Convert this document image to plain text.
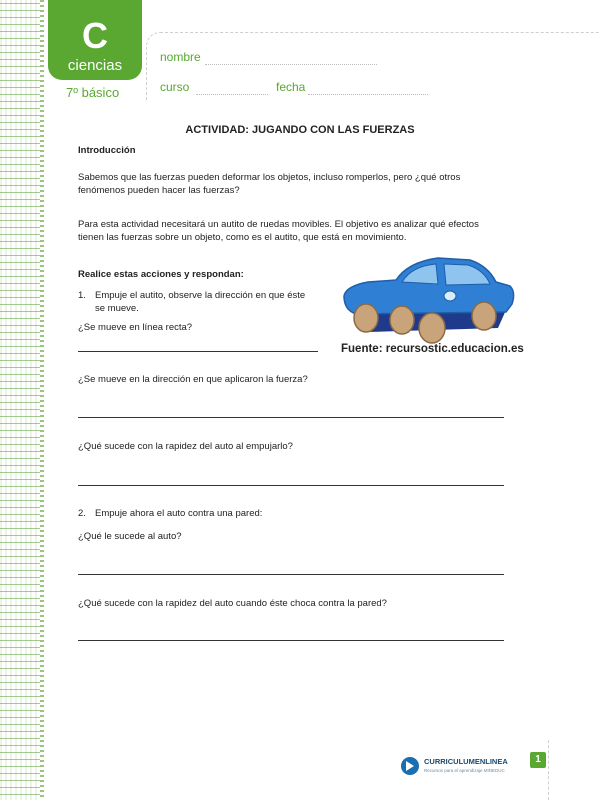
C
ciencias
7º básico
nombre
curso	fecha
ACTIVIDAD: JUGANDO CON LAS FUERZAS
Introducción
Sabemos que las fuerzas pueden deformar los objetos, incluso romperlos, pero ¿qué otros
fenómenos pueden hacer las fuerzas?
Para esta actividad necesitará un autito de ruedas movibles. El objetivo es analizar qué efectos
tienen las fuerzas sobre un objeto, como es el autito, que está en movimiento.
Realice estas acciones y respondan:
1. Empuje el autito, observe la dirección en que éste
se mueve.
¿Se mueve en línea recta?
¿Se mueve en la dirección en que aplicaron la fuerza?
¿Qué sucede con la rapidez del auto al empujarlo?
2. Empuje ahora el auto contra una pared:
¿Qué le sucede al auto?
¿Qué sucede con la rapidez del auto cuando éste choca contra la pared?
Fuente: recursostic.educacion.es
CURRICULUMENLINEA
Recursos para el aprendizaje MINEDUC
1
